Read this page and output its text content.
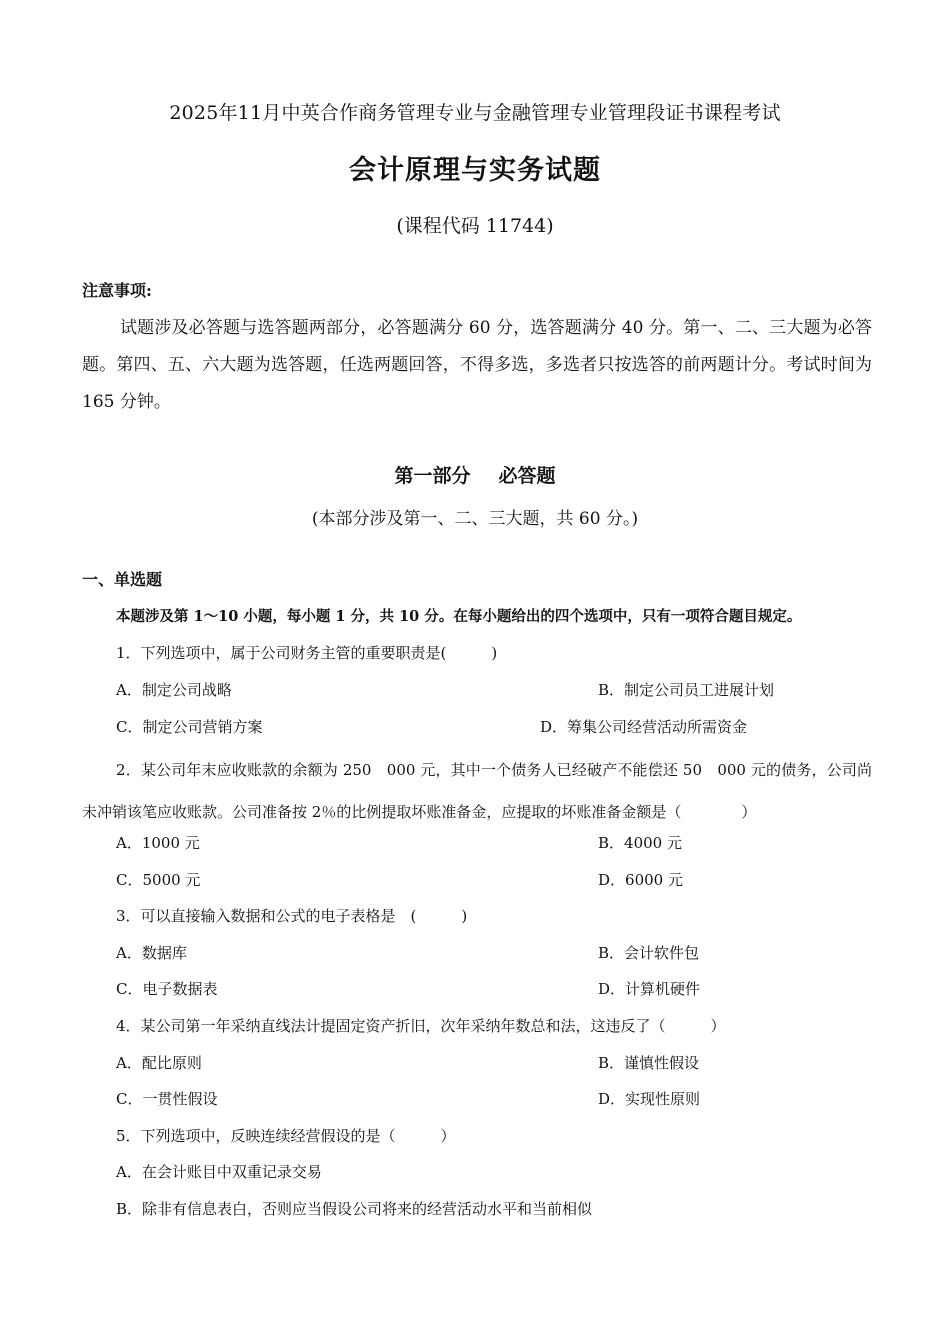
2025年11月中英合作商务管理专业与金融管理专业管理段证书课程考试
会计原理与实务试题
(课程代码 11744)
注意事项:
试题涉及必答题与选答题两部分，必答题满分 60 分，选答题满分 40 分。第一、二、三大题为必答题。第四、五、六大题为选答题，任选两题回答，不得多选，多选者只按选答的前两题计分。考试时间为 165 分钟。
第一部分 必答题
(本部分涉及第一、二、三大题，共 60 分。)
一、单选题
本题涉及第 1～10 小题，每小题 1 分，共 10 分。在每小题给出的四个选项中，只有一项符合题目规定。
1．下列选项中，属于公司财务主管的重要职责是(　　　)
A．制定公司战略	B．制定公司员工进展计划
C．制定公司营销方案	D．筹集公司经营活动所需资金
2．某公司年末应收账款的余额为 250　000 元，其中一个债务人已经破产不能偿还 50　000 元的债务，公司尚未冲销该笔应收账款。公司准备按 2％的比例提取坏账准备金，应提取的坏账准备金额是（　　　　）
A．1000 元	B．4000 元
C．5000 元	D．6000 元
3．可以直接输入数据和公式的电子表格是　(　　　)
A．数据库	B．会计软件包
C．电子数据表	D．计算机硬件
4．某公司第一年采纳直线法计提固定资产折旧，次年采纳年数总和法，这违反了（　　　）
A．配比原则	B．谨慎性假设
C．一贯性假设	D．实现性原则
5．下列选项中，反映连续经营假设的是（　　　）
A．在会计账目中双重记录交易
B．除非有信息表白，否则应当假设公司将来的经营活动水平和当前相似
